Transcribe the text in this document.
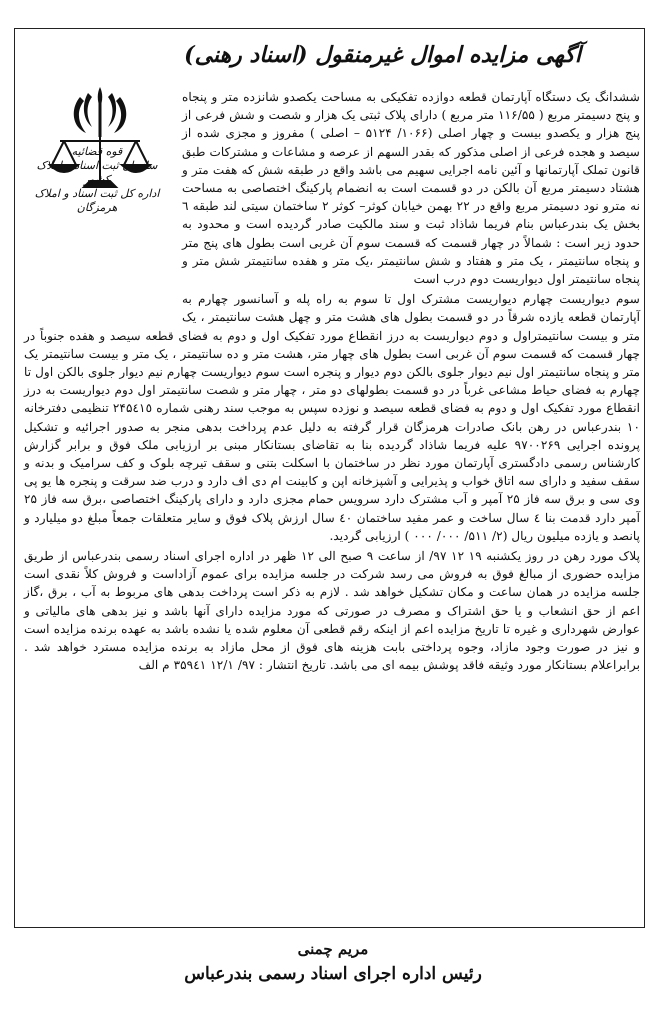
آگهی مزایده اموال غیرمنقول (اسناد رهنی)
قوه قضائیه
سازمان ثبت اسناد و املاک کشور
اداره کل ثبت اسناد و املاک هرمزگان

ششدانگ یک دستگاه آپارتمان قطعه دوازده تفکیکی به مساحت یکصدو شانزده متر و پنجاه و پنج دسیمتر مربع ( ۱۱۶/۵۵ متر مربع ) دارای پلاک ثبتی یک هزار و شصت و شش فرعی از پنج هزار و یکصدو بیست و چهار اصلی (۱۰۶۶/ ۵۱۲۴ – اصلی ) مفروز و مجزی شده از سیصد و هجده فرعی از اصلی مذکور که بقدر السهم از عرصه و مشاعات و مشترکات طبق قانون تملک آپارتمانها و آئین نامه اجرایی سهیم می باشد واقع در طبقه شش که هفت متر و هشتاد دسیمتر مربع آن بالکن در دو قسمت است به انضمام پارکینگ اختصاصی به مساحت نه مترو نود دسیمتر مربع واقع در ۲۲ بهمن خیابان کوثر– کوثر ۲ ساختمان سیتی لند طبقه ٦ بخش یک بندرعباس بنام فریما شاذاد ثبت و سند مالکیت صادر گردیده است و محدود به حدود زیر است : شمالاً در چهار قسمت که قسمت سوم آن غربی است بطول های پنج متر و پنجاه سانتیمتر ، یک متر و هفتاد و شش سانتیمتر ،یک متر و هفده سانتیمتر شش متر و پنجاه سانتیمتر اول دیواریست دوم درب است

سوم دیواریست چهارم دیواریست مشترک اول تا سوم به راه پله و آسانسور چهارم به آپارتمان قطعه یازده شرقاً در دو قسمت بطول های هشت متر و چهل هشت سانتیمتر ، یک متر و بیست سانتیمتراول و دوم دیواریست به درز انقطاع مورد تفکیک اول و دوم به فضای قطعه سیصد و هفده جنوباً در چهار قسمت که قسمت سوم آن غربی است بطول های چهار متر، هشت متر و ده سانتیمتر ، یک متر و بیست سانتیمتر یک متر و پنجاه سانتیمتر اول نیم دیوار جلوی بالکن دوم دیوار و پنجره است سوم دیواریست چهارم نیم دیوار جلوی بالکن اول تا چهارم به فضای حیاط مشاعی غرباً در دو قسمت بطولهای دو متر ، چهار متر و شصت سانتیمتر اول دوم دیواریست به درز انقطاع مورد تفکیک اول و دوم به فضای قطعه سیصد و نوزده سپس به موجب سند رهنی شماره ۲۴۵٤١٥ تنظیمی دفترخانه ۱۰ بندرعباس در رهن بانک صادرات هرمزگان قرار گرفته به دلیل عدم پرداخت بدهی منجر به صدور اجرائیه و تشکیل پرونده اجرایی ۹۷۰۰۲۶۹ علیه فریما شاذاد گردیده بنا به تقاضای بستانکار مبنی بر ارزیابی ملک فوق و برابر گزارش کارشناس رسمی دادگستری آپارتمان مورد نظر در ساختمان با اسکلت بتنی و سقف تیرچه بلوک و کف سرامیک و بدنه و سقف سفید و دارای سه اتاق خواب و پذیرایی و آشپزخانه اپن و کابینت ام دی اف دارد و درب ضد سرقت و پنجره ها یو پی وی سی و برق سه فاز ۲۵ آمپر و آب مشترک دارد سرویس حمام مجزی دارد و دارای پارکینگ اختصاصی ،برق سه فاز ۲۵ آمپر دارد قدمت بنا ٤ سال ساخت و عمر مفید ساختمان ٤۰ سال ارزش پلاک فوق و سایر متعلقات جمعاً مبلغ دو میلیارد و پانصد و یازده میلیون ریال (۲/ ۵۱۱/ ۰۰۰/ ۰۰۰ ) ارزیابی گردید.

پلاک مورد رهن در روز یکشنبه ۱۹ ۱۲ ۹۷/ از ساعت ۹ صبح الی ۱۲ ظهر در اداره اجرای اسناد رسمی بندرعباس از طریق مزایده حضوری از مبالغ فوق به فروش می رسد شرکت در جلسه مزایده برای عموم آزاداست و فروش کلاً نقدی است جلسه مزایده در همان ساعت و مکان تشکیل خواهد شد . لازم به ذکر است پرداخت بدهی های مربوط به آب ، برق ،گاز اعم از حق انشعاب و یا حق اشتراک و مصرف در صورتی که مورد مزایده دارای آنها باشد و نیز بدهی های مالیاتی و عوارض شهرداری و غیره تا تاریخ مزایده اعم از اینکه رقم قطعی آن معلوم شده یا نشده باشد به عهده برنده مزایده است و نیز در صورت وجود مازاد، وجوه پرداختی بابت هزینه های فوق از محل مازاد به برنده مزایده مسترد خواهد شد . برابراعلام بستانکار مورد وثیقه فاقد پوشش بیمه ای می باشد. تاریخ انتشار : ۹۷/ ۱۲/۱ ۳۵۹٤۱ م الف

مریم چمنی
رئیس اداره اجرای اسناد رسمی بندرعباس
